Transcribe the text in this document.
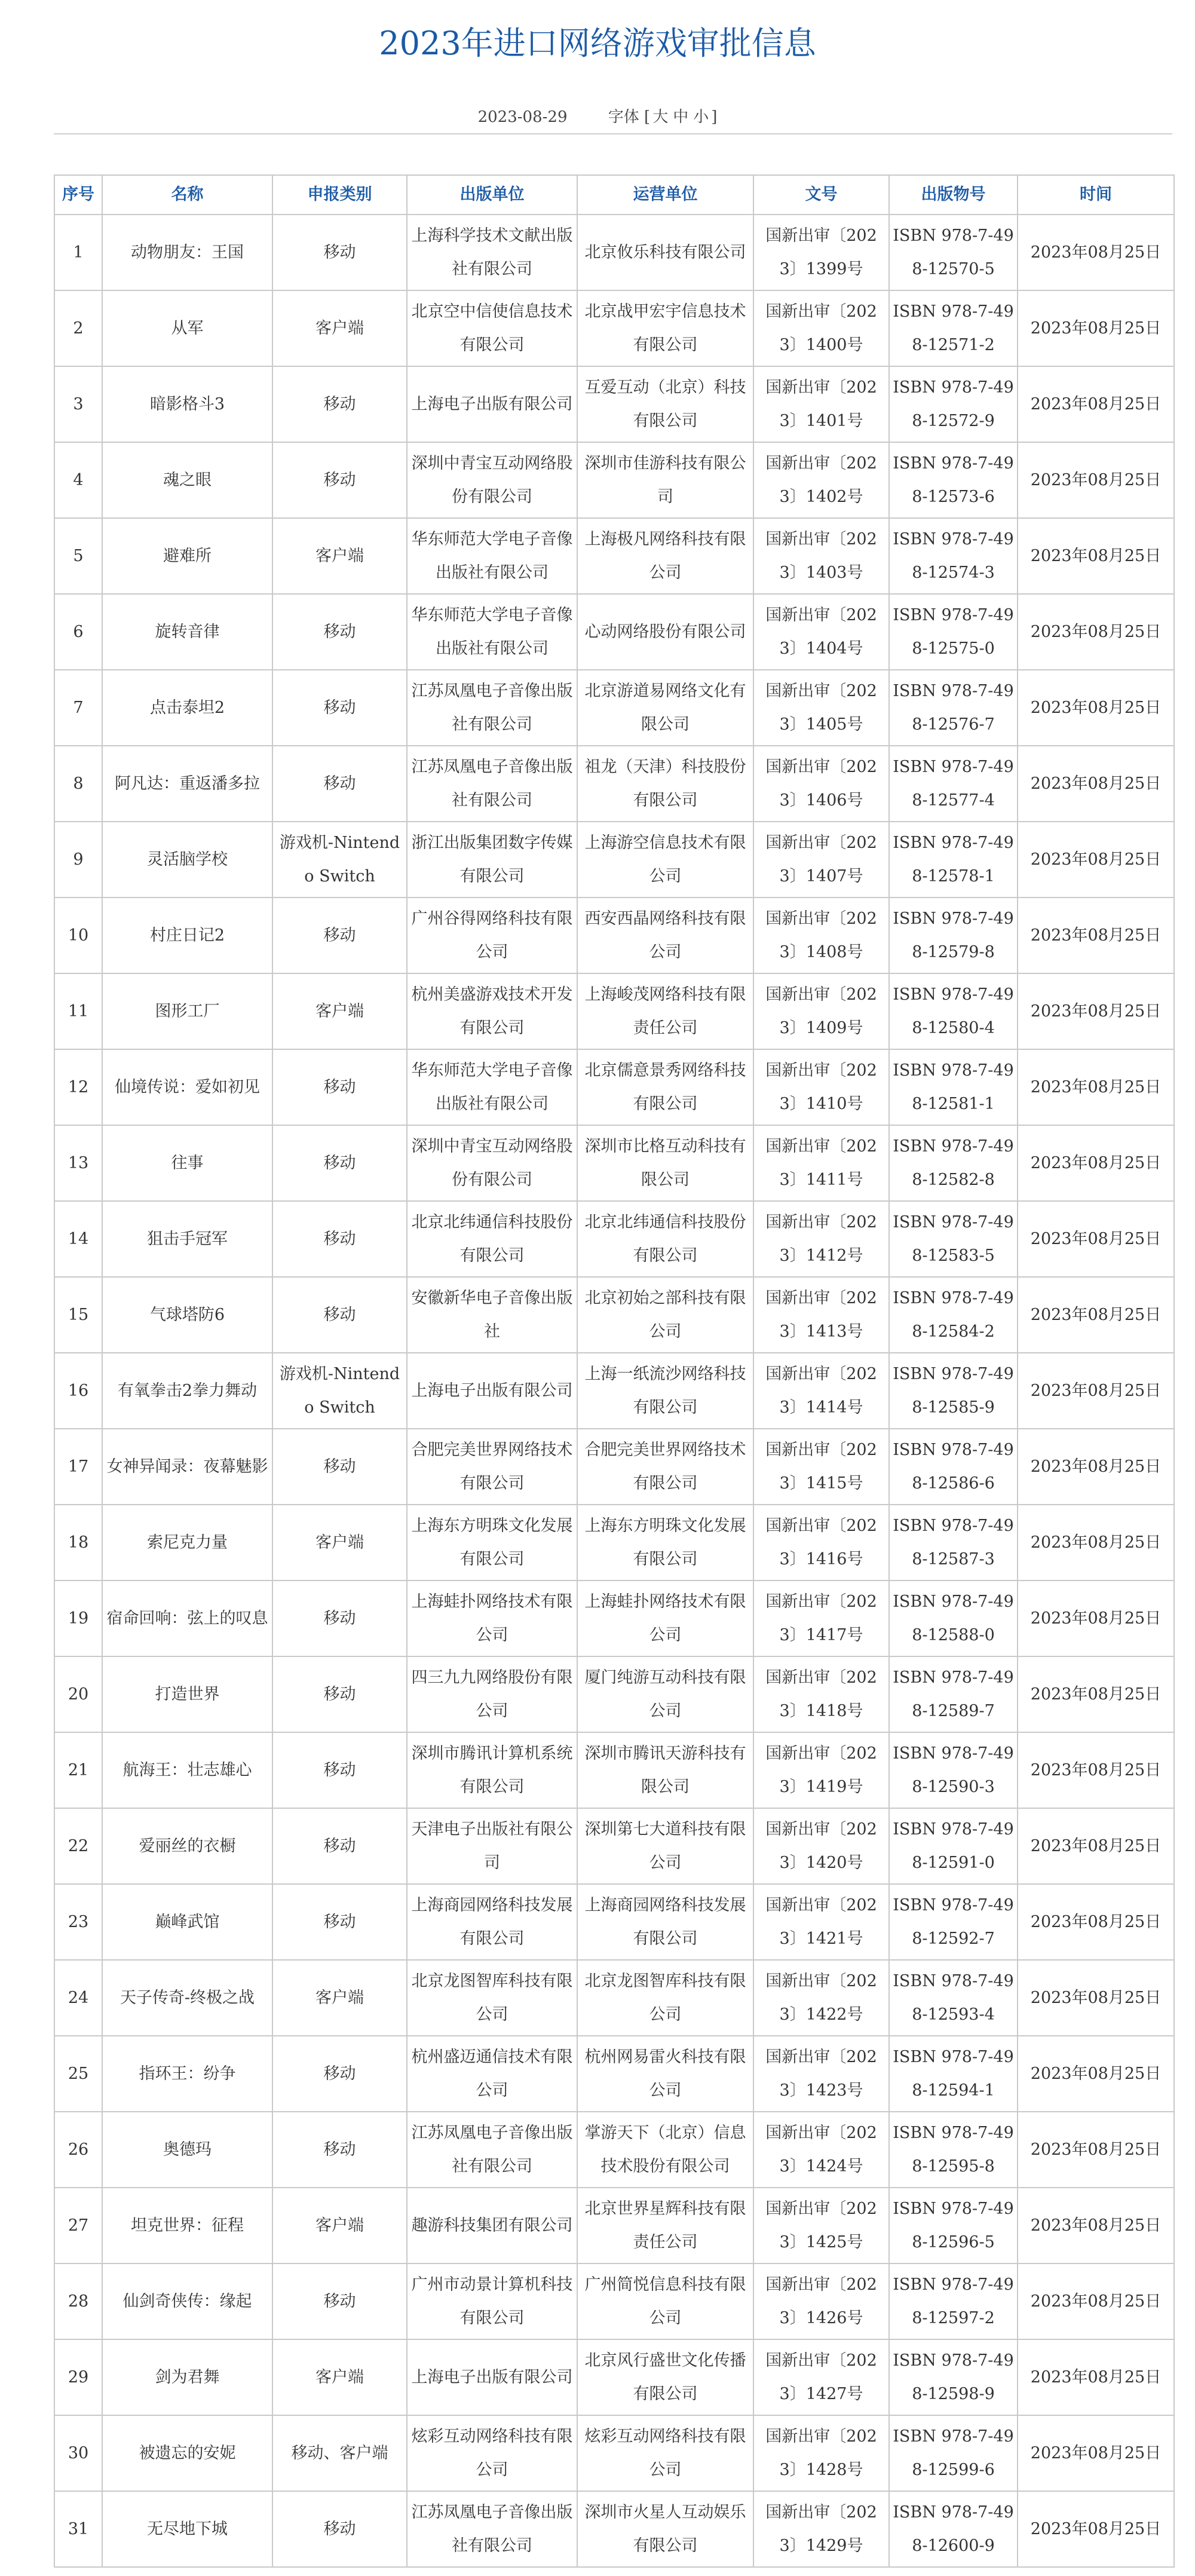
2023年进口网络游戏审批信息
2023-08-29	字体 [ 大 中 小 ]
序号	名称	申报类别	出版单位	运营单位	文号	出版物号	时间
1	动物朋友：王国	移动	上海科学技术文献出版社有限公司	北京攸乐科技有限公司	国新出审〔2023〕1399号	ISBN 978-7-498-12570-5	2023年08月25日
2	从军	客户端	北京空中信使信息技术有限公司	北京战甲宏宇信息技术有限公司	国新出审〔2023〕1400号	ISBN 978-7-498-12571-2	2023年08月25日
3	暗影格斗3	移动	上海电子出版有限公司	互爱互动（北京）科技有限公司	国新出审〔2023〕1401号	ISBN 978-7-498-12572-9	2023年08月25日
4	魂之眼	移动	深圳中青宝互动网络股份有限公司	深圳市佳游科技有限公司	国新出审〔2023〕1402号	ISBN 978-7-498-12573-6	2023年08月25日
5	避难所	客户端	华东师范大学电子音像出版社有限公司	上海极凡网络科技有限公司	国新出审〔2023〕1403号	ISBN 978-7-498-12574-3	2023年08月25日
6	旋转音律	移动	华东师范大学电子音像出版社有限公司	心动网络股份有限公司	国新出审〔2023〕1404号	ISBN 978-7-498-12575-0	2023年08月25日
7	点击泰坦2	移动	江苏凤凰电子音像出版社有限公司	北京游道易网络文化有限公司	国新出审〔2023〕1405号	ISBN 978-7-498-12576-7	2023年08月25日
8	阿凡达：重返潘多拉	移动	江苏凤凰电子音像出版社有限公司	祖龙（天津）科技股份有限公司	国新出审〔2023〕1406号	ISBN 978-7-498-12577-4	2023年08月25日
9	灵活脑学校	游戏机-Nintendo Switch	浙江出版集团数字传媒有限公司	上海游空信息技术有限公司	国新出审〔2023〕1407号	ISBN 978-7-498-12578-1	2023年08月25日
10	村庄日记2	移动	广州谷得网络科技有限公司	西安西晶网络科技有限公司	国新出审〔2023〕1408号	ISBN 978-7-498-12579-8	2023年08月25日
11	图形工厂	客户端	杭州美盛游戏技术开发有限公司	上海峻茂网络科技有限责任公司	国新出审〔2023〕1409号	ISBN 978-7-498-12580-4	2023年08月25日
12	仙境传说：爱如初见	移动	华东师范大学电子音像出版社有限公司	北京儒意景秀网络科技有限公司	国新出审〔2023〕1410号	ISBN 978-7-498-12581-1	2023年08月25日
13	往事	移动	深圳中青宝互动网络股份有限公司	深圳市比格互动科技有限公司	国新出审〔2023〕1411号	ISBN 978-7-498-12582-8	2023年08月25日
14	狙击手冠军	移动	北京北纬通信科技股份有限公司	北京北纬通信科技股份有限公司	国新出审〔2023〕1412号	ISBN 978-7-498-12583-5	2023年08月25日
15	气球塔防6	移动	安徽新华电子音像出版社	北京初始之部科技有限公司	国新出审〔2023〕1413号	ISBN 978-7-498-12584-2	2023年08月25日
16	有氧拳击2拳力舞动	游戏机-Nintendo Switch	上海电子出版有限公司	上海一纸流沙网络科技有限公司	国新出审〔2023〕1414号	ISBN 978-7-498-12585-9	2023年08月25日
17	女神异闻录：夜幕魅影	移动	合肥完美世界网络技术有限公司	合肥完美世界网络技术有限公司	国新出审〔2023〕1415号	ISBN 978-7-498-12586-6	2023年08月25日
18	索尼克力量	客户端	上海东方明珠文化发展有限公司	上海东方明珠文化发展有限公司	国新出审〔2023〕1416号	ISBN 978-7-498-12587-3	2023年08月25日
19	宿命回响：弦上的叹息	移动	上海蛙扑网络技术有限公司	上海蛙扑网络技术有限公司	国新出审〔2023〕1417号	ISBN 978-7-498-12588-0	2023年08月25日
20	打造世界	移动	四三九九网络股份有限公司	厦门纯游互动科技有限公司	国新出审〔2023〕1418号	ISBN 978-7-498-12589-7	2023年08月25日
21	航海王：壮志雄心	移动	深圳市腾讯计算机系统有限公司	深圳市腾讯天游科技有限公司	国新出审〔2023〕1419号	ISBN 978-7-498-12590-3	2023年08月25日
22	爱丽丝的衣橱	移动	天津电子出版社有限公司	深圳第七大道科技有限公司	国新出审〔2023〕1420号	ISBN 978-7-498-12591-0	2023年08月25日
23	巅峰武馆	移动	上海商园网络科技发展有限公司	上海商园网络科技发展有限公司	国新出审〔2023〕1421号	ISBN 978-7-498-12592-7	2023年08月25日
24	天子传奇-终极之战	客户端	北京龙图智库科技有限公司	北京龙图智库科技有限公司	国新出审〔2023〕1422号	ISBN 978-7-498-12593-4	2023年08月25日
25	指环王：纷争	移动	杭州盛迈通信技术有限公司	杭州网易雷火科技有限公司	国新出审〔2023〕1423号	ISBN 978-7-498-12594-1	2023年08月25日
26	奥德玛	移动	江苏凤凰电子音像出版社有限公司	掌游天下（北京）信息技术股份有限公司	国新出审〔2023〕1424号	ISBN 978-7-498-12595-8	2023年08月25日
27	坦克世界：征程	客户端	趣游科技集团有限公司	北京世界星辉科技有限责任公司	国新出审〔2023〕1425号	ISBN 978-7-498-12596-5	2023年08月25日
28	仙剑奇侠传：缘起	移动	广州市动景计算机科技有限公司	广州简悦信息科技有限公司	国新出审〔2023〕1426号	ISBN 978-7-498-12597-2	2023年08月25日
29	剑为君舞	客户端	上海电子出版有限公司	北京风行盛世文化传播有限公司	国新出审〔2023〕1427号	ISBN 978-7-498-12598-9	2023年08月25日
30	被遗忘的安妮	移动、客户端	炫彩互动网络科技有限公司	炫彩互动网络科技有限公司	国新出审〔2023〕1428号	ISBN 978-7-498-12599-6	2023年08月25日
31	无尽地下城	移动	江苏凤凰电子音像出版社有限公司	深圳市火星人互动娱乐有限公司	国新出审〔2023〕1429号	ISBN 978-7-498-12600-9	2023年08月25日
